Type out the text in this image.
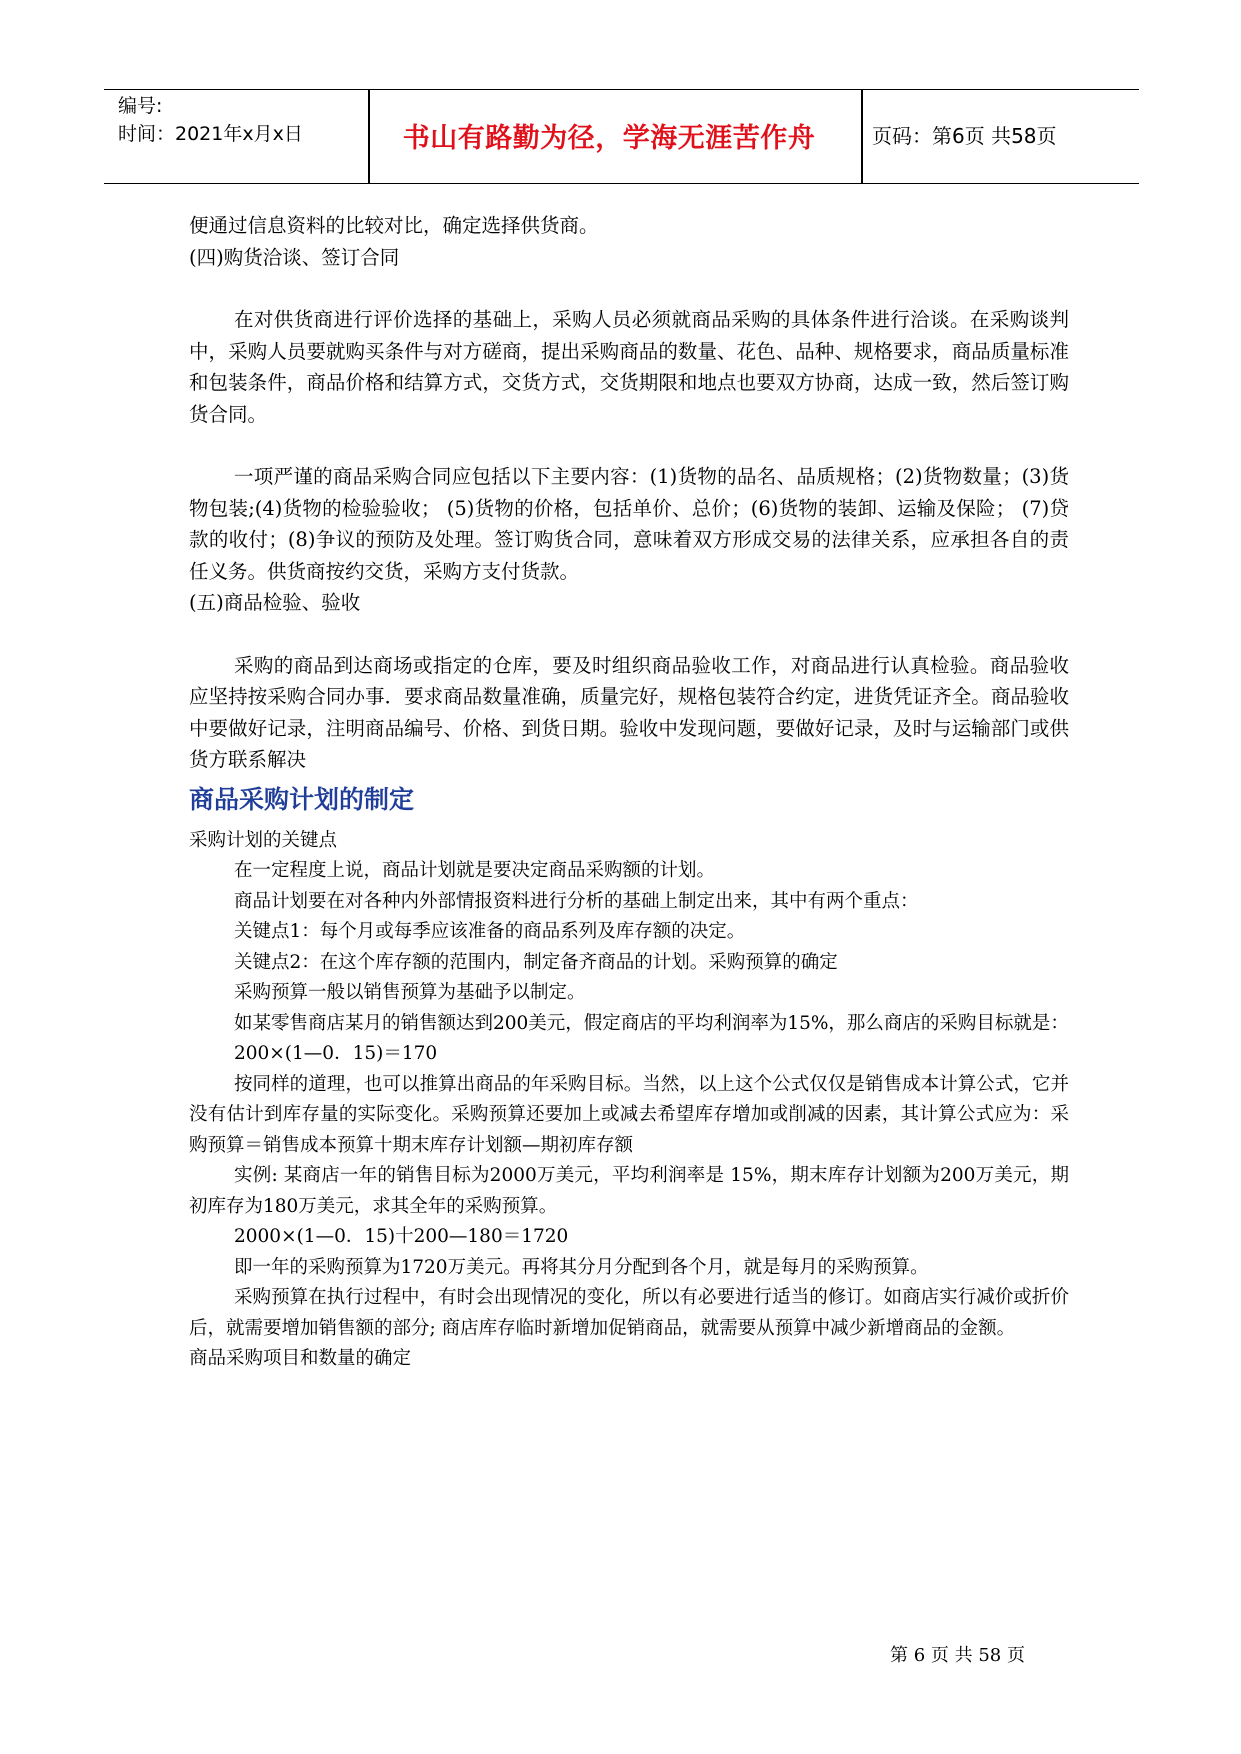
编号:
时间：2021年x月x日	书山有路勤为径，学海无涯苦作舟	页码：第6页 共58页

便通过信息资料的比较对比，确定选择供货商。

(四)购货洽谈、签订合同

在对供货商进行评价选择的基础上，采购人员必须就商品采购的具体条件进行洽谈。在采购谈判中，采购人员要就购买条件与对方磋商，提出采购商品的数量、花色、品种、规格要求，商品质量标准和包装条件，商品价格和结算方式，交货方式，交货期限和地点也要双方协商，达成一致，然后签订购货合同。

一项严谨的商品采购合同应包括以下主要内容：(1)货物的品名、品质规格；(2)货物数量；(3)货物包装;(4)货物的检验验收； (5)货物的价格，包括单价、总价；(6)货物的装卸、运输及保险； (7)贷款的收付；(8)争议的预防及处理。签订购货合同，意味着双方形成交易的法律关系，应承担各自的责任义务。供货商按约交货，采购方支付货款。

(五)商品检验、验收

采购的商品到达商场或指定的仓库，要及时组织商品验收工作，对商品进行认真检验。商品验收应坚持按采购合同办事．要求商品数量准确，质量完好，规格包装符合约定，进货凭证齐全。商品验收中要做好记录，注明商品编号、价格、到货日期。验收中发现问题，要做好记录，及时与运输部门或供货方联系解决

商品采购计划的制定

采购计划的关键点

在一定程度上说，商品计划就是要决定商品采购额的计划。

商品计划要在对各种内外部情报资料进行分析的基础上制定出来，其中有两个重点：

关键点1：每个月或每季应该准备的商品系列及库存额的决定。

关键点2：在这个库存额的范围内，制定备齐商品的计划。采购预算的确定

采购预算一般以销售预算为基础予以制定。

如某零售商店某月的销售额达到200美元，假定商店的平均利润率为15%，那么商店的采购目标就是：

200×(1—0．15)＝170

按同样的道理，也可以推算出商品的年采购目标。当然，以上这个公式仅仅是销售成本计算公式，它并没有估计到库存量的实际变化。采购预算还要加上或减去希望库存增加或削减的因素，其计算公式应为：采购预算＝销售成本预算十期末库存计划额—期初库存额

实例: 某商店一年的销售目标为2000万美元，平均利润率是 15%，期末库存计划额为200万美元，期初库存为180万美元，求其全年的采购预算。

2000×(1—0．15)十200—180＝1720

即一年的采购预算为1720万美元。再将其分月分配到各个月，就是每月的采购预算。

采购预算在执行过程中，有时会出现情况的变化，所以有必要进行适当的修订。如商店实行减价或折价后，就需要增加销售额的部分; 商店库存临时新增加促销商品，就需要从预算中减少新增商品的金额。

商品采购项目和数量的确定

第 6 页 共 58 页
